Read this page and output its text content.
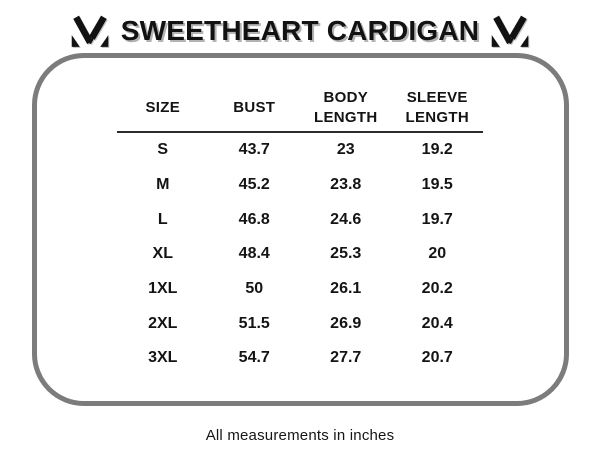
SWEETHEART CARDIGAN
SIZE	BUST	BODY LENGTH	SLEEVE LENGTH
S	43.7	23	19.2
M	45.2	23.8	19.5
L	46.8	24.6	19.7
XL	48.4	25.3	20
1XL	50	26.1	20.2
2XL	51.5	26.9	20.4
3XL	54.7	27.7	20.7

All measurements in inches
